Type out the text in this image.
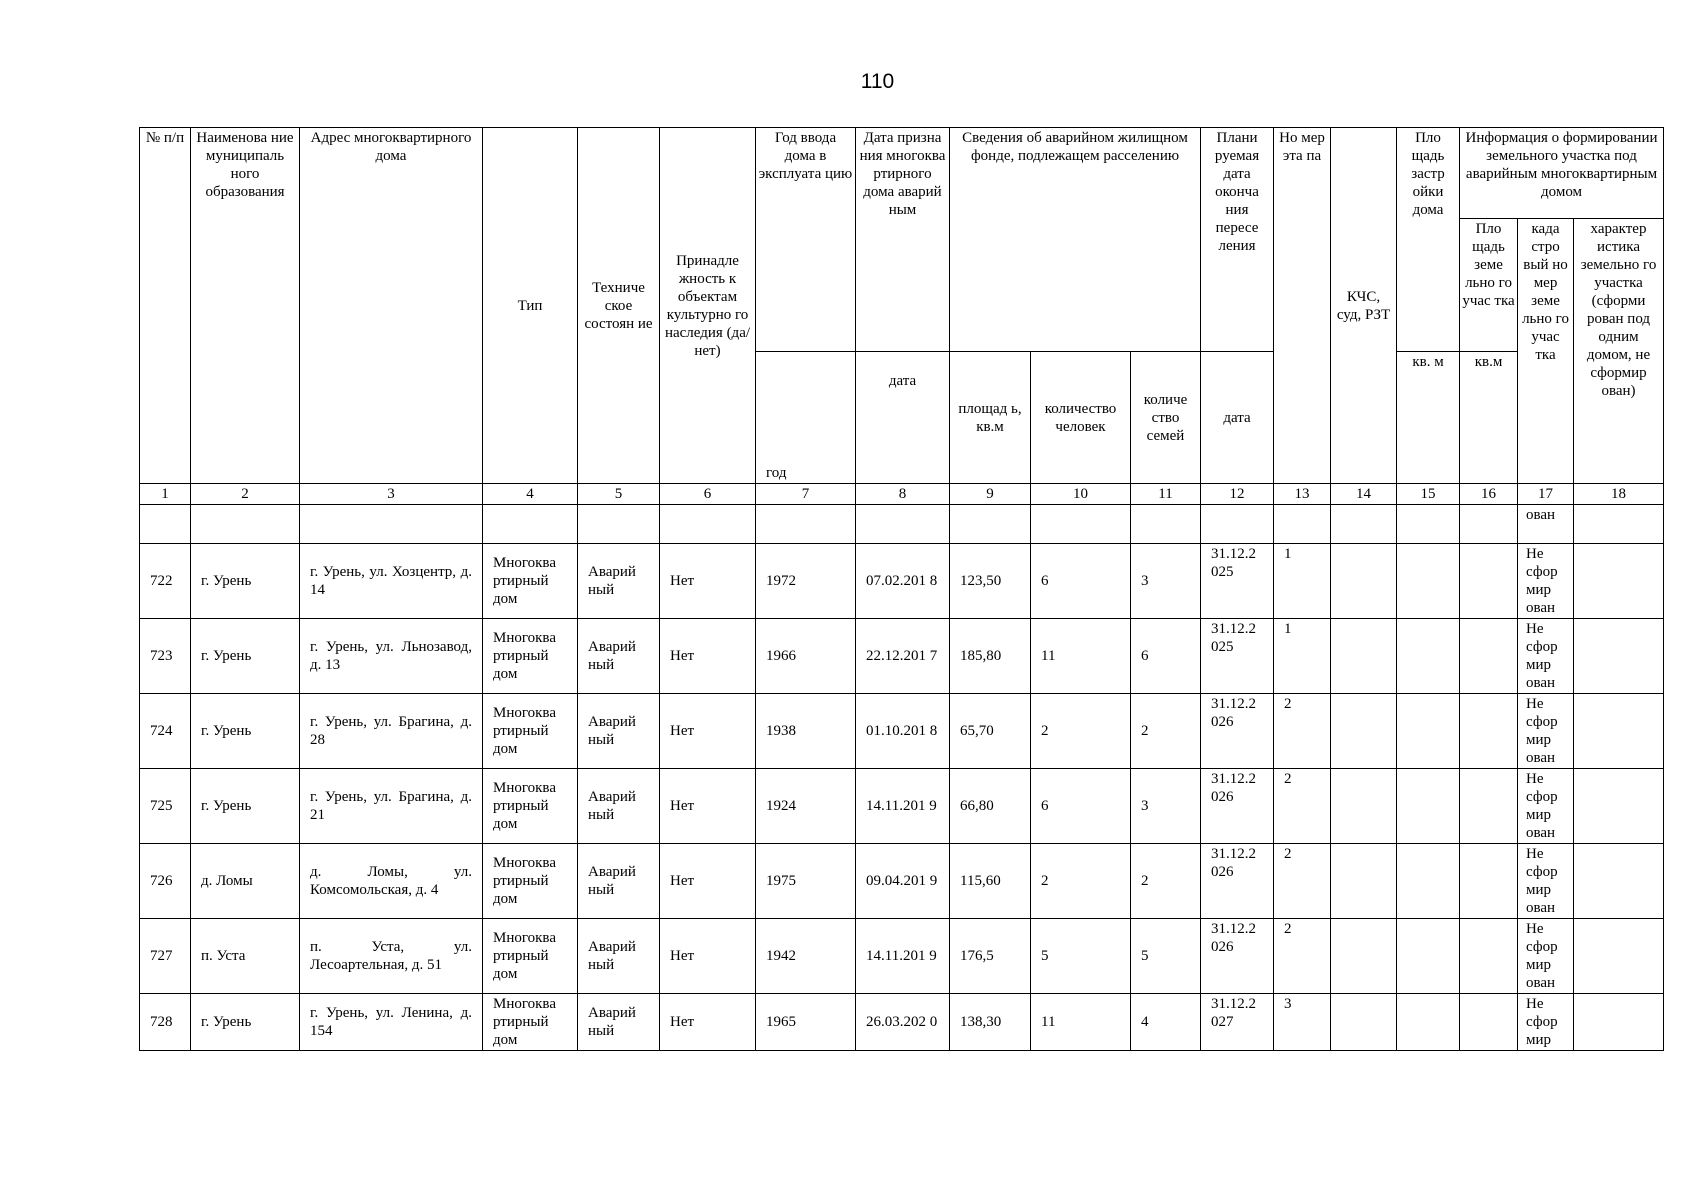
110
№ п/п	Наименова ние муниципаль ного образования	Адрес многоквартирного дома	Тип	Техниче ское состоян ие	Принадле жность к объектам культурно го наследия (да/нет)	Год ввода дома в эксплуата цию	Дата призна ния многоква ртирного дома аварий ным	Сведения об аварийном жилищном фонде, подлежащем расселению			Плани руемая дата оконча ния пересе ления	Но мер эта па	КЧС, суд, РЗТ	Пло щадь застр ойки дома	Информация о формировании земельного участка под аварийным многоквартирным домом		
															Пло щадь земе льно го учас тка	када стро вый но мер земе льно го учас тка	характер истика земельно го участка (сформи рован под одним домом, не сформир ован)
						год	дата	площад ь, кв.м	количество человек	количе ство семей	дата			кв. м	кв.м		
1	2	3	4	5	6	7	8	9	10	11	12	13	14	15	16	17	18
																ован	
722	г. Урень	г. Урень, ул. Хозцентр, д. 14	Многоква ртирный дом	Аварий ный	Нет	1972	07.02.201 8	123,50	6	3	31.12.2 025	1				Не сфор мир ован	
723	г. Урень	г. Урень, ул. Льнозавод, д. 13	Многоква ртирный дом	Аварий ный	Нет	1966	22.12.201 7	185,80	11	6	31.12.2 025	1				Не сфор мир ован	
724	г. Урень	г. Урень, ул. Брагина, д. 28	Многоква ртирный дом	Аварий ный	Нет	1938	01.10.201 8	65,70	2	2	31.12.2 026	2				Не сфор мир ован	
725	г. Урень	г. Урень, ул. Брагина, д. 21	Многоква ртирный дом	Аварий ный	Нет	1924	14.11.201 9	66,80	6	3	31.12.2 026	2				Не сфор мир ован	
726	д. Ломы	д. Ломы, ул. Комсомольская, д. 4	Многоква ртирный дом	Аварий ный	Нет	1975	09.04.201 9	115,60	2	2	31.12.2 026	2				Не сфор мир ован	
727	п. Уста	п. Уста, ул. Лесоартельная, д. 51	Многоква ртирный дом	Аварий ный	Нет	1942	14.11.201 9	176,5	5	5	31.12.2 026	2				Не сфор мир ован	
728	г. Урень	г. Урень, ул. Ленина, д. 154	Многоква ртирный дом	Аварий ный	Нет	1965	26.03.202 0	138,30	11	4	31.12.2 027	3				Не сфор мир	
